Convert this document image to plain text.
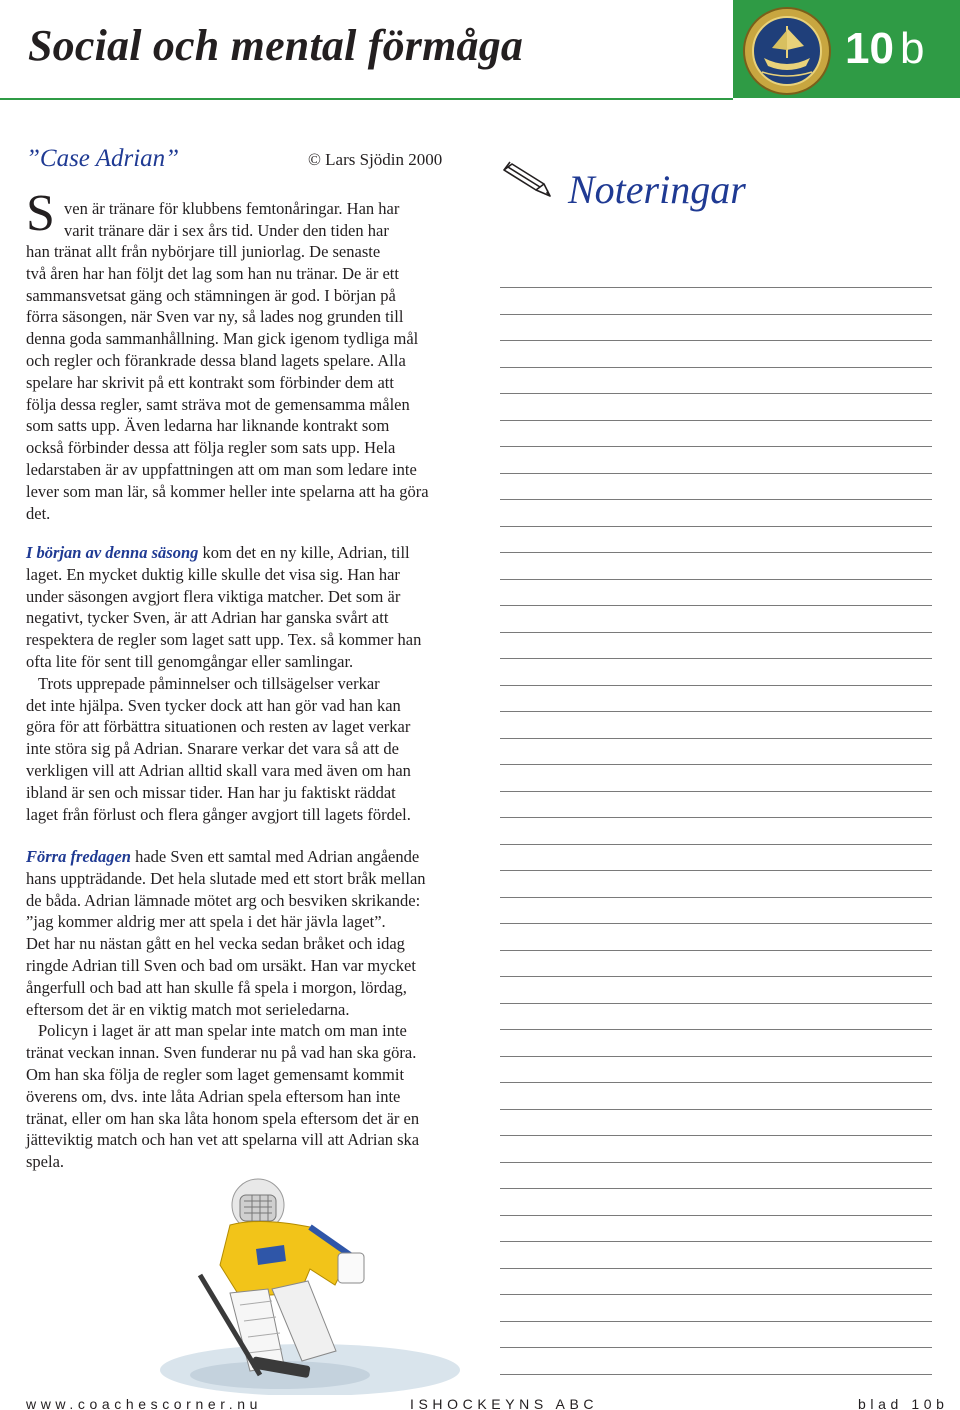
Social och mental förmåga	10 b
”Case Adrian”	© Lars Sjödin 2000
S ven är tränare för klubbens femtonåringar. Han har
varit tränare där i sex års tid. Under den tiden har
han tränat allt från nybörjare till juniorlag. De senaste
två åren har han följt det lag som han nu tränar. De är ett
sammansvetsat gäng och stämningen är god. I början på
förra säsongen, när Sven var ny, så lades nog grunden till
denna goda sammanhållning. Man gick igenom tydliga mål
och regler och förankrade dessa bland lagets spelare. Alla
spelare har skrivit på ett kontrakt som förbinder dem att
följa dessa regler, samt sträva mot de gemensamma målen
som satts upp. Även ledarna har liknande kontrakt som
också förbinder dessa att följa regler som sats upp. Hela
ledarstaben är av uppfattningen att om man som ledare inte
lever som man lär, så kommer heller inte spelarna att ha göra
det.
I början av denna säsong kom det en ny kille, Adrian, till
laget. En mycket duktig kille skulle det visa sig. Han har
under säsongen avgjort flera viktiga matcher. Det som är
negativt, tycker Sven, är att Adrian har ganska svårt att
respektera de regler som laget satt upp. Tex. så kommer han
ofta lite för sent till genomgångar eller samlingar.
Trots upprepade påminnelser och tillsägelser verkar
det inte hjälpa. Sven tycker dock att han gör vad han kan
göra för att förbättra situationen och resten av laget verkar
inte störa sig på Adrian. Snarare verkar det vara så att de
verkligen vill att Adrian alltid skall vara med även om han
ibland är sen och missar tider. Han har ju faktiskt räddat
laget från förlust och flera gånger avgjort till lagets fördel.
Förra fredagen hade Sven ett samtal med Adrian angående
hans uppträdande. Det hela slutade med ett stort bråk mellan
de båda. Adrian lämnade mötet arg och besviken skrikande:
”jag kommer aldrig mer att spela i det här jävla laget”.
Det har nu nästan gått en hel vecka sedan bråket och idag
ringde Adrian till Sven och bad om ursäkt. Han var mycket
ångerfull och bad att han skulle få spela i morgon, lördag,
eftersom det är en viktig match mot serieledarna.
Policyn i laget är att man spelar inte match om man inte
tränat veckan innan. Sven funderar nu på vad han ska göra.
Om han ska följa de regler som laget gemensamt kommit
överens om, dvs. inte låta Adrian spela eftersom han inte
tränat, eller om han ska låta honom spela eftersom det är en
jätteviktig match och han vet att spelarna vill att Adrian ska
spela.
Noteringar
www.coachescorner.nu	ISHOCKEYNS ABC	blad 10b
